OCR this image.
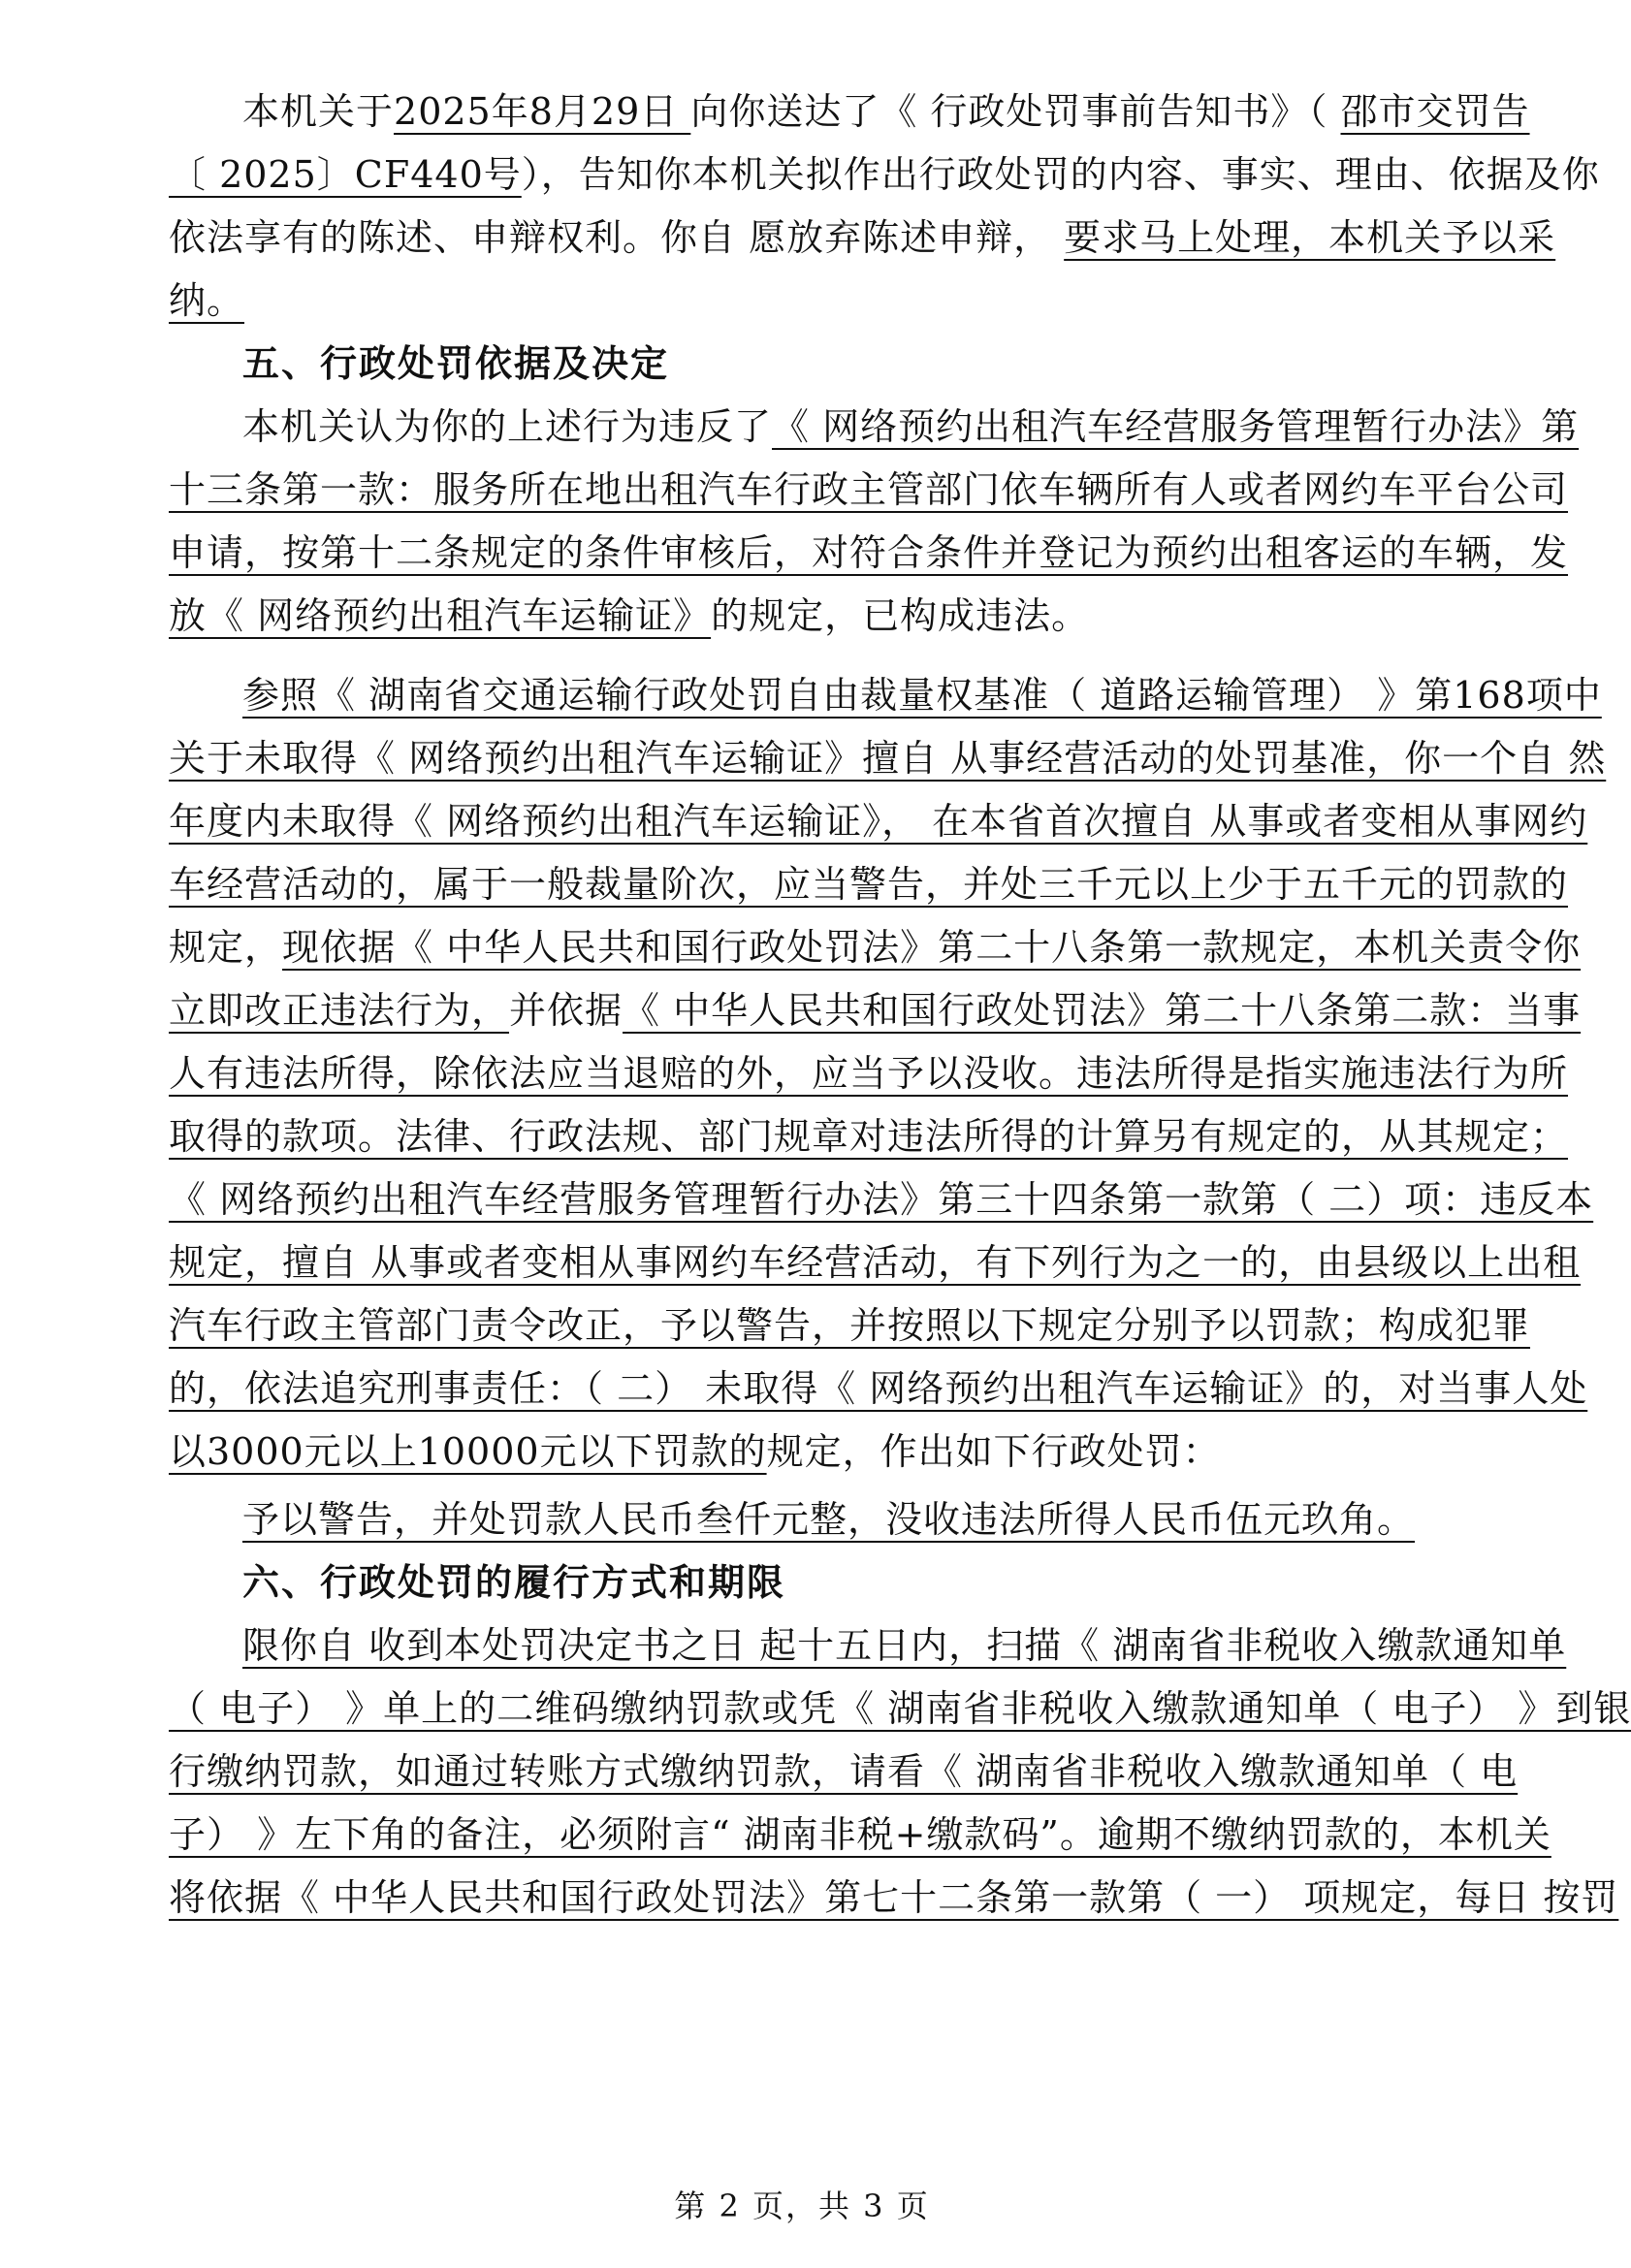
本机关于2025年8月29日 向你送达了《 行政处罚事前告知书》（ 邵市交罚告
〔 2025〕CF440号），告知你本机关拟作出行政处罚的内容、事实、理由、依据及你
依法享有的陈述、申辩权利。你自 愿放弃陈述申辩， 要求马上处理，本机关予以采
纳。
五、行政处罚依据及决定
本机关认为你的上述行为违反了《 网络预约出租汽车经营服务管理暂行办法》第
十三条第一款：服务所在地出租汽车行政主管部门依车辆所有人或者网约车平台公司
申请，按第十二条规定的条件审核后，对符合条件并登记为预约出租客运的车辆，发
放《 网络预约出租汽车运输证》的规定，已构成违法。
参照《 湖南省交通运输行政处罚自由裁量权基准（ 道路运输管理） 》第168项中
关于未取得《 网络预约出租汽车运输证》擅自 从事经营活动的处罚基准，你一个自 然
年度内未取得《 网络预约出租汽车运输证》， 在本省首次擅自 从事或者变相从事网约
车经营活动的，属于一般裁量阶次，应当警告，并处三千元以上少于五千元的罚款的
规定，现依据《 中华人民共和国行政处罚法》第二十八条第一款规定，本机关责令你
立即改正违法行为，并依据《 中华人民共和国行政处罚法》第二十八条第二款：当事
人有违法所得，除依法应当退赔的外，应当予以没收。违法所得是指实施违法行为所
取得的款项。法律、行政法规、部门规章对违法所得的计算另有规定的，从其规定；
《 网络预约出租汽车经营服务管理暂行办法》第三十四条第一款第（ 二）项：违反本
规定，擅自 从事或者变相从事网约车经营活动，有下列行为之一的，由县级以上出租
汽车行政主管部门责令改正，予以警告，并按照以下规定分别予以罚款；构成犯罪
的，依法追究刑事责任：（ 二） 未取得《 网络预约出租汽车运输证》的，对当事人处
以3000元以上10000元以下罚款的规定，作出如下行政处罚：
予以警告，并处罚款人民币叁仟元整，没收违法所得人民币伍元玖角。
六、行政处罚的履行方式和期限
限你自 收到本处罚决定书之日 起十五日内，扫描《 湖南省非税收入缴款通知单
（ 电子） 》单上的二维码缴纳罚款或凭《 湖南省非税收入缴款通知单（ 电子） 》到银
行缴纳罚款，如通过转账方式缴纳罚款，请看《 湖南省非税收入缴款通知单（ 电
子） 》左下角的备注，必须附言“ 湖南非税+缴款码”。逾期不缴纳罚款的，本机关
将依据《 中华人民共和国行政处罚法》第七十二条第一款第（ 一） 项规定，每日 按罚
第 2 页，共 3 页
